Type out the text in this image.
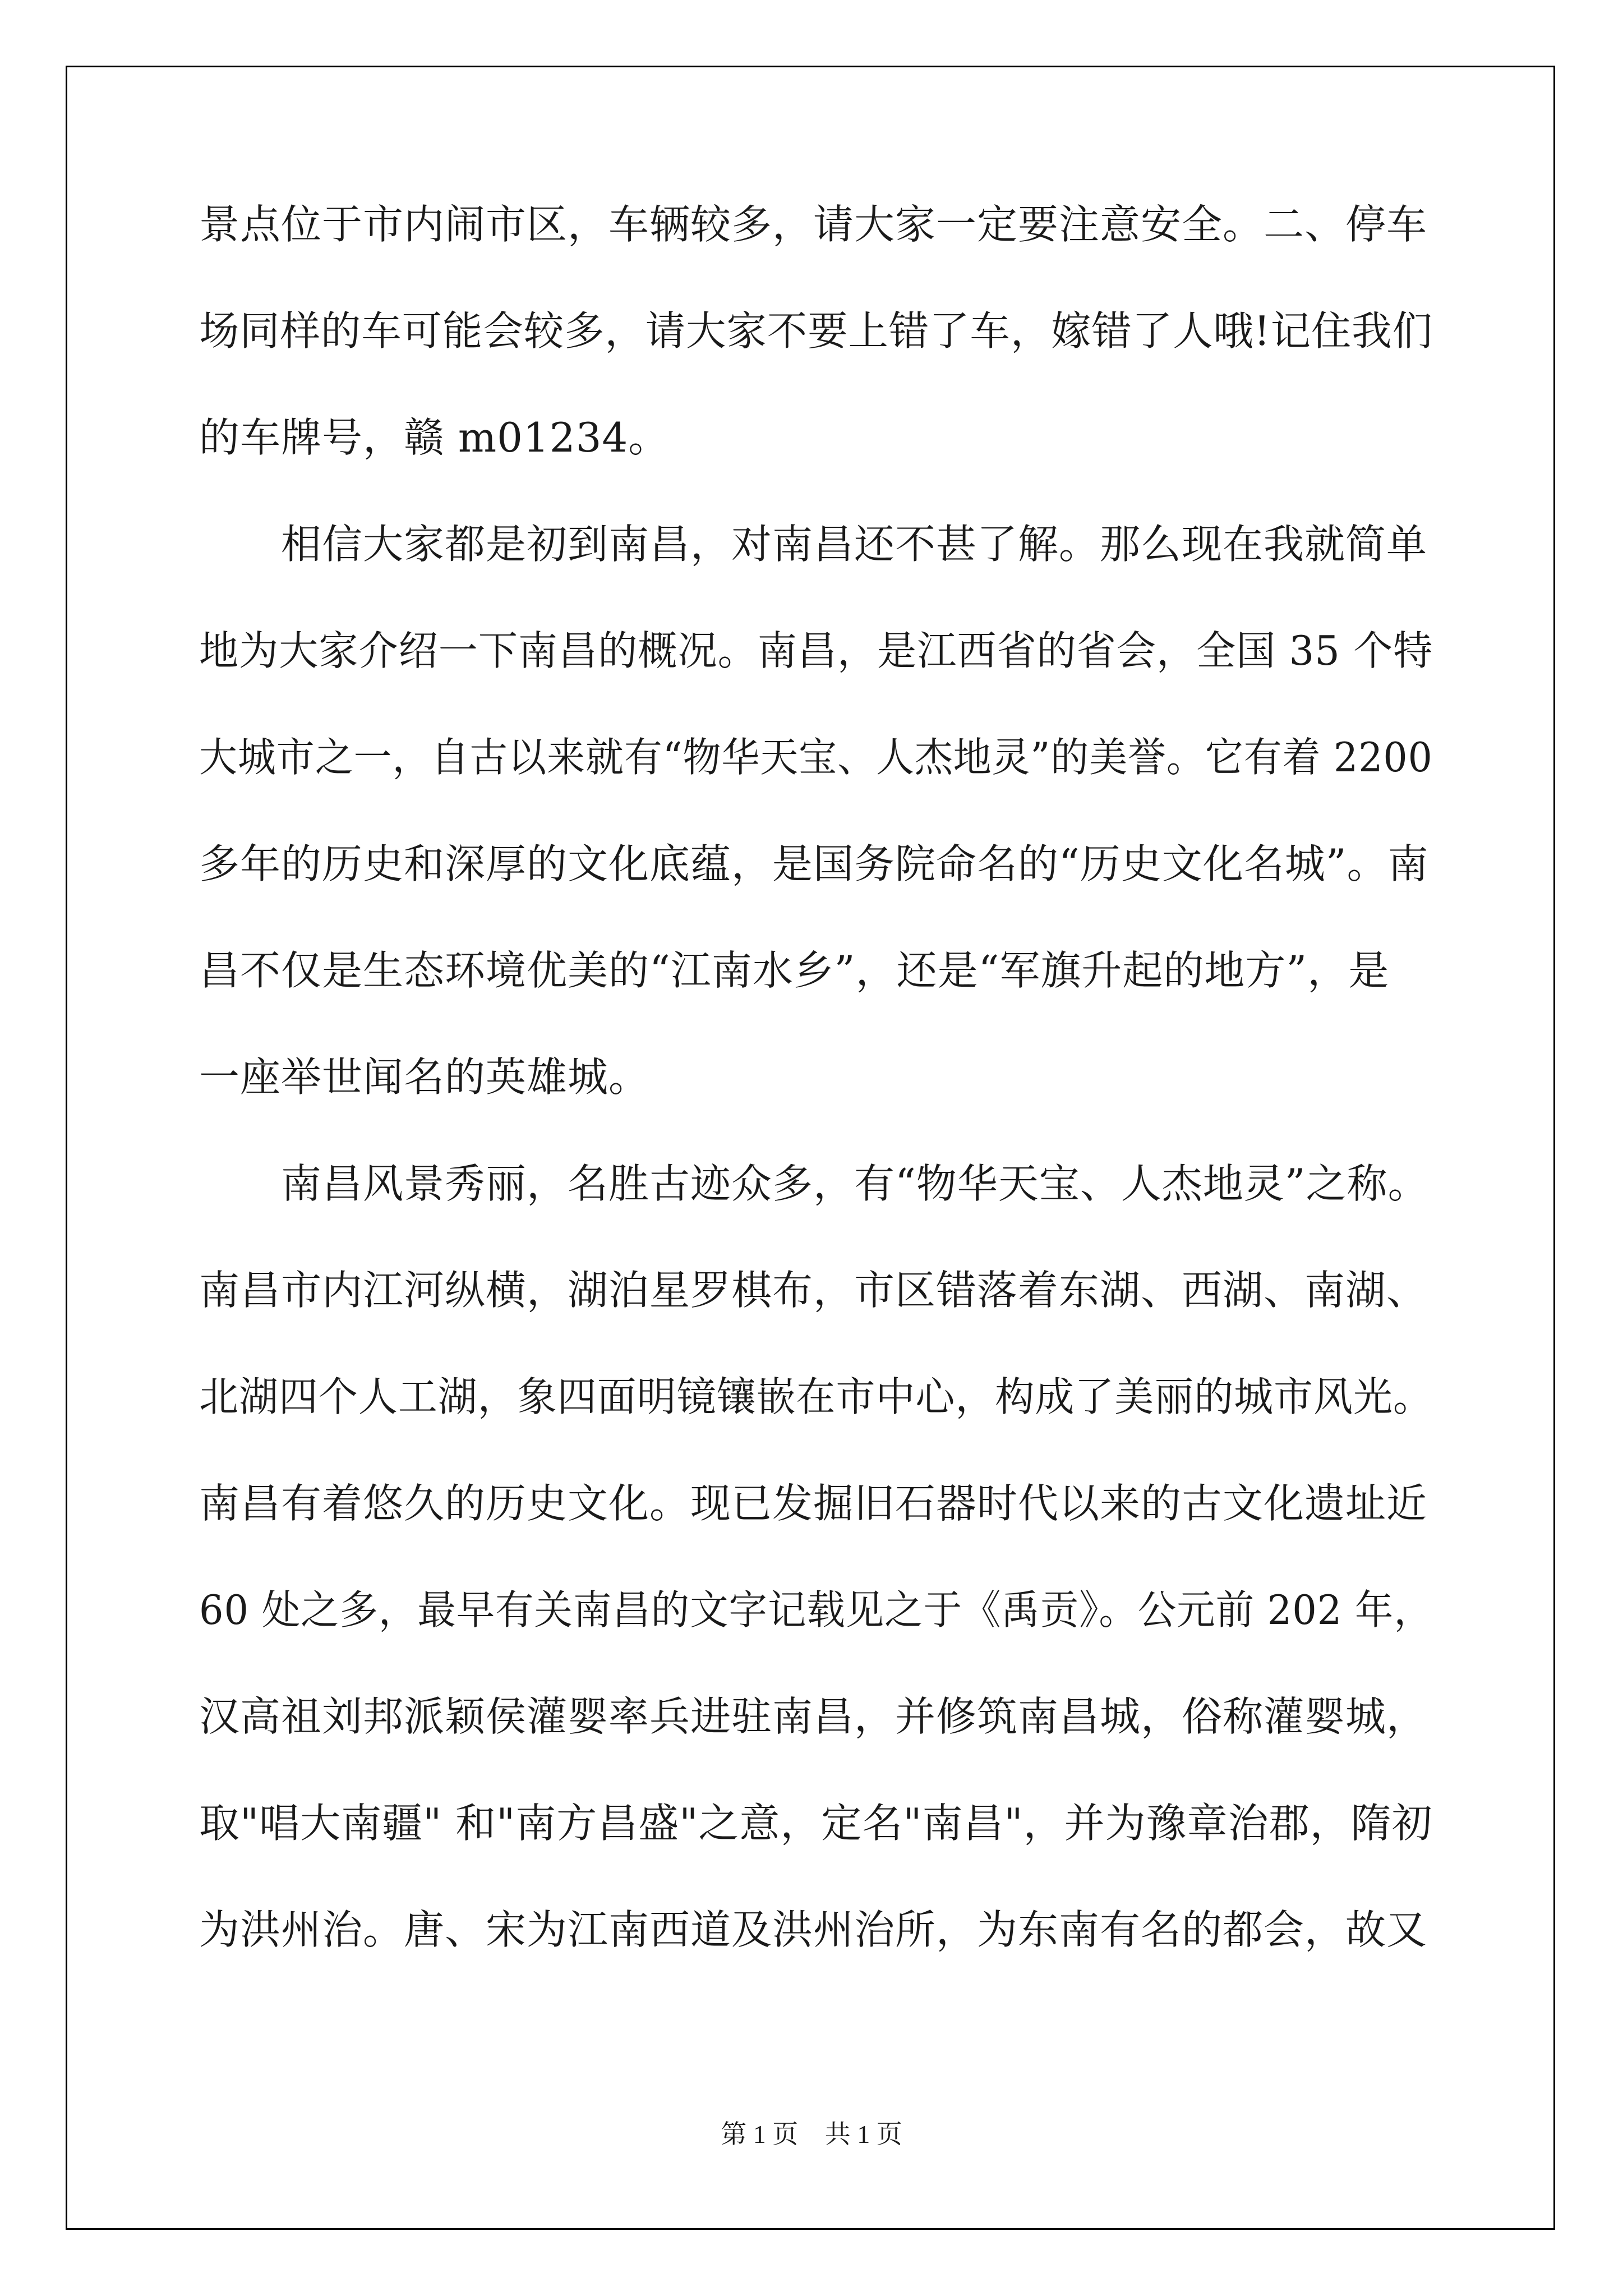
景点位于市内闹市区，车辆较多，请大家一定要注意安全。二、停车
场同样的车可能会较多，请大家不要上错了车，嫁错了人哦!记住我们
的车牌号，赣 m01234。
　　相信大家都是初到南昌，对南昌还不甚了解。那么现在我就简单
地为大家介绍一下南昌的概况。南昌，是江西省的省会，全国 35 个特
大城市之一，自古以来就有“物华天宝、人杰地灵”的美誉。它有着 2200
多年的历史和深厚的文化底蕴，是国务院命名的“历史文化名城”。南
昌不仅是生态环境优美的“江南水乡”，还是“军旗升起的地方”，是
一座举世闻名的英雄城。
　　南昌风景秀丽，名胜古迹众多，有“物华天宝、人杰地灵”之称。
南昌市内江河纵横，湖泊星罗棋布，市区错落着东湖、西湖、南湖、
北湖四个人工湖，象四面明镜镶嵌在市中心，构成了美丽的城市风光。
南昌有着悠久的历史文化。现已发掘旧石器时代以来的古文化遗址近
60 处之多，最早有关南昌的文字记载见之于《禹贡》。公元前 202 年，
汉高祖刘邦派颖侯灌婴率兵进驻南昌，并修筑南昌城，俗称灌婴城，
取"唱大南疆" 和"南方昌盛"之意，定名"南昌"，并为豫章治郡，隋初
为洪州治。唐、宋为江南西道及洪州治所，为东南有名的都会，故又
第 1 页 共 1 页
